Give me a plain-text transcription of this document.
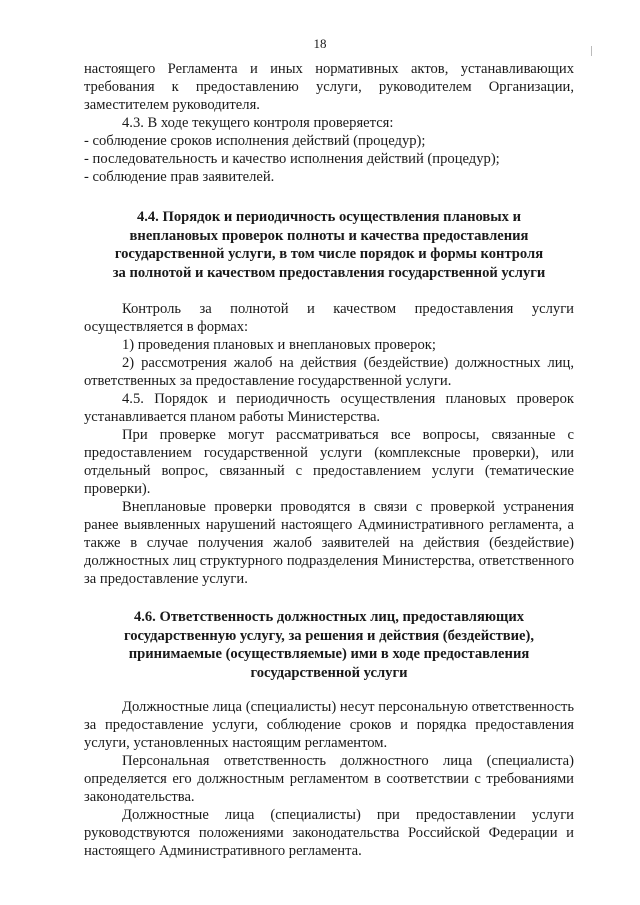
18

настоящего Регламента и иных нормативных актов, устанавливающих требования к предоставлению услуги, руководителем Организации, заместителем руководителя.

4.3. В ходе текущего контроля проверяется:

- соблюдение сроков исполнения действий (процедур);

- последовательность и качество исполнения действий (процедур);

- соблюдение прав заявителей.

4.4. Порядок и периодичность осуществления плановых и
внеплановых проверок полноты и качества предоставления
государственной услуги, в том числе порядок и формы контроля
за полнотой и качеством предоставления государственной услуги

Контроль за полнотой и качеством предоставления услуги осуществляется в формах:

1) проведения плановых и внеплановых проверок;

2) рассмотрения жалоб на действия (бездействие) должностных лиц, ответственных за предоставление государственной услуги.

4.5. Порядок и периодичность осуществления плановых проверок устанавливается планом работы Министерства.

При проверке могут рассматриваться все вопросы, связанные с предоставлением государственной услуги (комплексные проверки), или отдельный вопрос, связанный с предоставлением услуги (тематические проверки).

Внеплановые проверки проводятся в связи с проверкой устранения ранее выявленных нарушений настоящего Административного регламента, а также в случае получения жалоб заявителей на действия (бездействие) должностных лиц структурного подразделения Министерства, ответственного за предоставление услуги.

4.6. Ответственность должностных лиц, предоставляющих
государственную услугу, за решения и действия (бездействие),
принимаемые (осуществляемые) ими в ходе предоставления
государственной услуги

Должностные лица (специалисты) несут персональную ответственность за предоставление услуги, соблюдение сроков и порядка предоставления услуги, установленных настоящим регламентом.

Персональная ответственность должностного лица (специалиста) определяется его должностным регламентом в соответствии с требованиями законодательства.

Должностные лица (специалисты) при предоставлении услуги руководствуются положениями законодательства Российской Федерации и настоящего Административного регламента.
